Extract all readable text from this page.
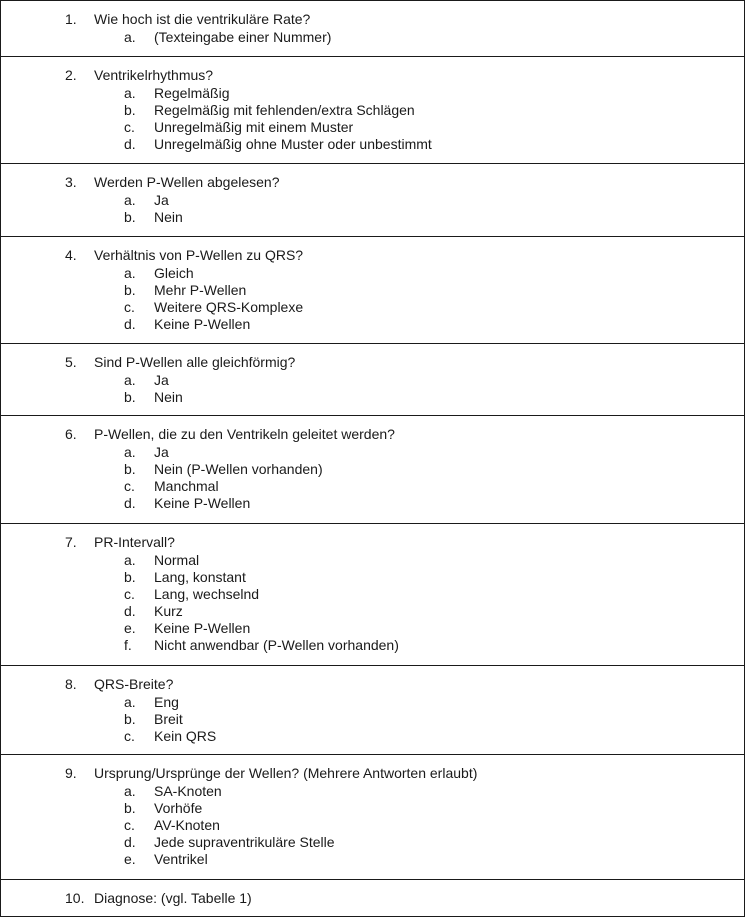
1. Wie hoch ist die ventrikuläre Rate?
a. (Texteingabe einer Nummer)
2. Ventrikelrhythmus?
a. Regelmäßig
b. Regelmäßig mit fehlenden/extra Schlägen
c. Unregelmäßig mit einem Muster
d. Unregelmäßig ohne Muster oder unbestimmt
3. Werden P-Wellen abgelesen?
a. Ja
b. Nein
4. Verhältnis von P-Wellen zu QRS?
a. Gleich
b. Mehr P-Wellen
c. Weitere QRS-Komplexe
d. Keine P-Wellen
5. Sind P-Wellen alle gleichförmig?
a. Ja
b. Nein
6. P-Wellen, die zu den Ventrikeln geleitet werden?
a. Ja
b. Nein (P-Wellen vorhanden)
c. Manchmal
d. Keine P-Wellen
7. PR-Intervall?
a. Normal
b. Lang, konstant
c. Lang, wechselnd
d. Kurz
e. Keine P-Wellen
f. Nicht anwendbar (P-Wellen vorhanden)
8. QRS-Breite?
a. Eng
b. Breit
c. Kein QRS
9. Ursprung/Ursprünge der Wellen? (Mehrere Antworten erlaubt)
a. SA-Knoten
b. Vorhöfe
c. AV-Knoten
d. Jede supraventrikuläre Stelle
e. Ventrikel
10. Diagnose: (vgl. Tabelle 1)
